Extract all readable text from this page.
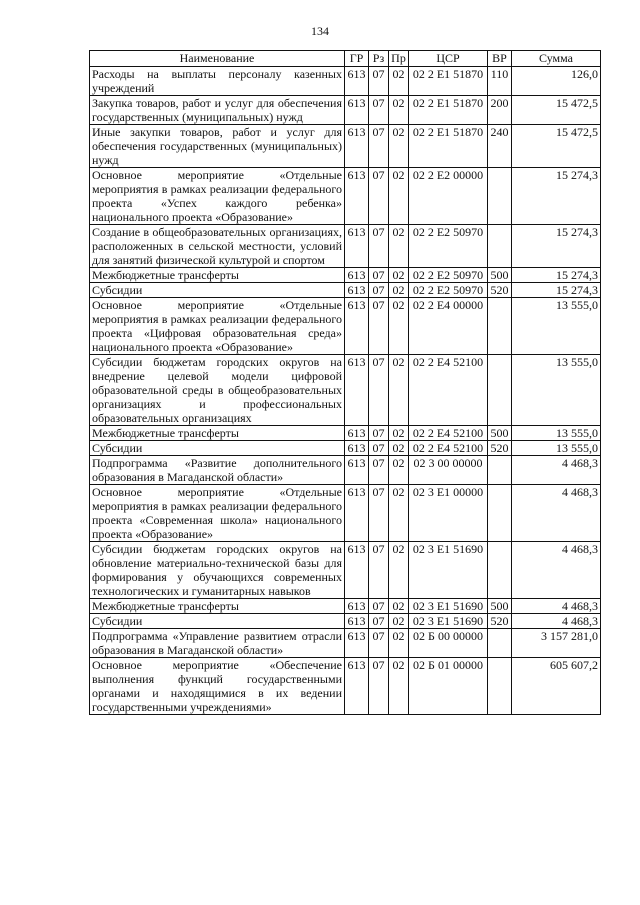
134
Наименование	ГР	Рз	Пр	ЦСР	ВР	Сумма
Расходы на выплаты персоналу казенных учреждений	613	07	02	02 2 E1 51870	110	126,0
Закупка товаров, работ и услуг для обеспечения государственных (муниципальных) нужд	613	07	02	02 2 E1 51870	200	15 472,5
Иные закупки товаров, работ и услуг для обеспечения государственных (муниципальных) нужд	613	07	02	02 2 E1 51870	240	15 472,5
Основное мероприятие «Отдельные мероприятия в рамках реализации федерального проекта «Успех каждого ребенка» национального проекта «Образование»	613	07	02	02 2 E2 00000		15 274,3
Создание в общеобразовательных организациях, расположенных в сельской местности, условий для занятий физической культурой и спортом	613	07	02	02 2 E2 50970		15 274,3
Межбюджетные трансферты	613	07	02	02 2 E2 50970	500	15 274,3
Субсидии	613	07	02	02 2 E2 50970	520	15 274,3
Основное мероприятие «Отдельные мероприятия в рамках реализации федерального проекта «Цифровая образовательная среда» национального проекта «Образование»	613	07	02	02 2 E4 00000		13 555,0
Субсидии бюджетам городских округов на внедрение целевой модели цифровой образовательной среды в общеобразовательных организациях и профессиональных образовательных организациях	613	07	02	02 2 E4 52100		13 555,0
Межбюджетные трансферты	613	07	02	02 2 E4 52100	500	13 555,0
Субсидии	613	07	02	02 2 E4 52100	520	13 555,0
Подпрограмма «Развитие дополнительного образования в Магаданской области»	613	07	02	02 3 00 00000		4 468,3
Основное мероприятие «Отдельные мероприятия в рамках реализации федерального проекта «Современная школа» национального проекта «Образование»	613	07	02	02 3 E1 00000		4 468,3
Субсидии бюджетам городских округов на обновление материально-технической базы для формирования у обучающихся современных технологических и гуманитарных навыков	613	07	02	02 3 E1 51690		4 468,3
Межбюджетные трансферты	613	07	02	02 3 E1 51690	500	4 468,3
Субсидии	613	07	02	02 3 E1 51690	520	4 468,3
Подпрограмма «Управление развитием отрасли образования в Магаданской области»	613	07	02	02 Б 00 00000		3 157 281,0
Основное мероприятие «Обеспечение выполнения функций государственными органами и находящимися в их ведении государственными учреждениями»	613	07	02	02 Б 01 00000		605 607,2
